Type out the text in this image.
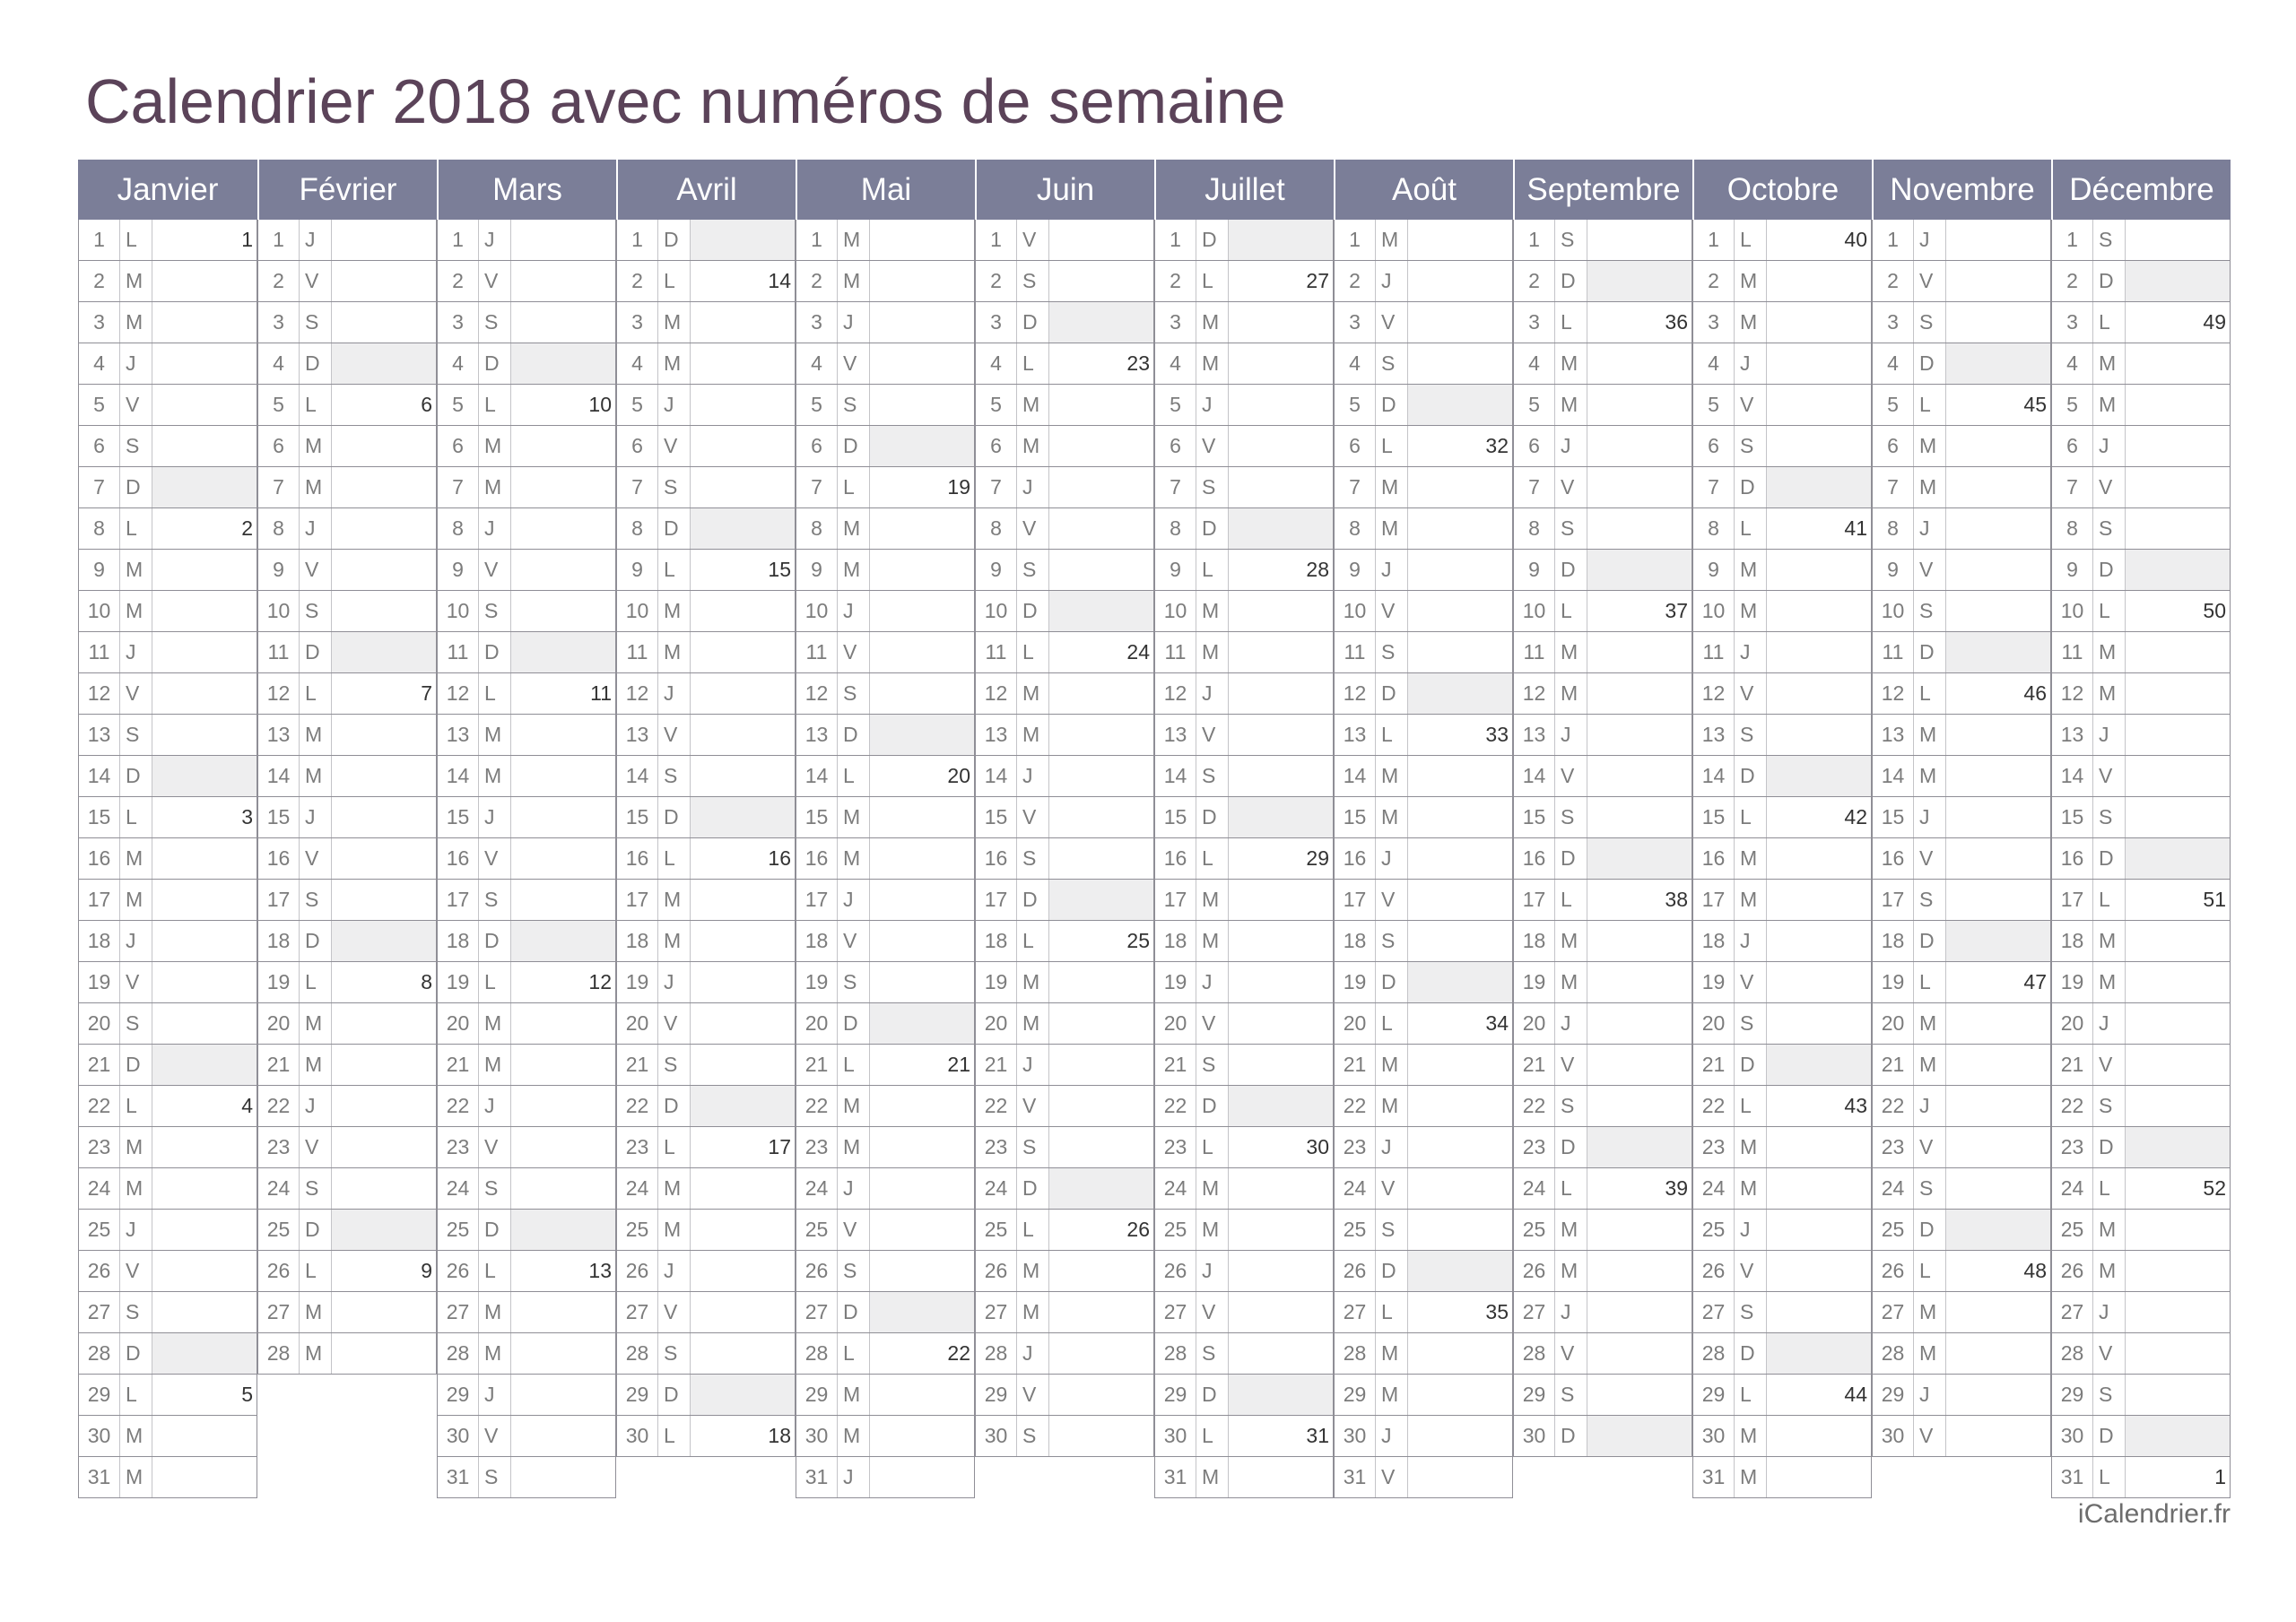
Calendrier 2018 avec numéros de semaine
Janvier
1	L	1
2	M
3	M
4	J
5	V
6	S
7	D
8	L	2
9	M
10 M
11 J
12 V
13 S
14 D
15 L	3
16 M
17 M
18 J
19 V
20 S
21 D
22 L	4
23 M
24 M
25 J
26 V
27 S
28 D
29 L	5
30 M
31 M
Février
1	J
2	V
3	S
4	D
5	L	6
6	M
7	M
8	J
9	V
10 S
11 D
12 L	7
13 M
14 M
15 J
16 V
17 S
18 D
19 L	8
20 M
21 M
22 J
23 V
24 S
25 D
26 L	9
27 M
28 M
Mars
1	J
2	V
3	S
4	D
5	L	10
6	M
7	M
8	J
9	V
10 S
11 D
12 L	11
13 M
14 M
15 J
16 V
17 S
18 D
19 L	12
20 M
21 M
22 J
23 V
24 S
25 D
26 L	13
27 M
28 M
29 J
30 V
31 S
Avril
1	D
2	L	14
3	M
4	M
5	J
6	V
7	S
8	D
9	L	15
10 M
11 M
12 J
13 V
14 S
15 D
16 L	16
17 M
18 M
19 J
20 V
21 S
22 D
23 L	17
24 M
25 M
26 J
27 V
28 S
29 D
30 L	18
Mai
1	M
2	M
3	J
4	V
5	S
6	D
7	L	19
8	M
9	M
10 J
11 V
12 S
13 D
14 L	20
15 M
16 M
17 J
18 V
19 S
20 D
21 L	21
22 M
23 M
24 J
25 V
26 S
27 D
28 L	22
29 M
30 M
31 J
Juin
1	V
2	S
3	D
4	L	23
5	M
6	M
7	J
8	V
9	S
10 D
11 L	24
12 M
13 M
14 J
15 V
16 S
17 D
18 L	25
19 M
20 M
21 J
22 V
23 S
24 D
25 L	26
26 M
27 M
28 J
29 V
30 S
Juillet
1	D
2	L	27
3	M
4	M
5	J
6	V
7	S
8	D
9	L	28
10 M
11 M
12 J
13 V
14 S
15 D
16 L	29
17 M
18 M
19 J
20 V
21 S
22 D
23 L	30
24 M
25 M
26 J
27 V
28 S
29 D
30 L	31
31 M
Août
1	M
2	J
3	V
4	S
5	D
6	L	32
7	M
8	M
9	J
10 V
11 S
12 D
13 L	33
14 M
15 M
16 J
17 V
18 S
19 D
20 L	34
21 M
22 M
23 J
24 V
25 S
26 D
27 L	35
28 M
29 M
30 J
31 V
Septembre
1	S
2	D
3	L	36
4	M
5	M
6	J
7	V
8	S
9	D
10 L	37
11 M
12 M
13 J
14 V
15 S
16 D
17 L	38
18 M
19 M
20 J
21 V
22 S
23 D
24 L	39
25 M
26 M
27 J
28 V
29 S
30 D
Octobre
1	L	40
2	M
3	M
4	J
5	V
6	S
7	D
8	L	41
9	M
10 M
11 J
12 V
13 S
14 D
15 L	42
16 M
17 M
18 J
19 V
20 S
21 D
22 L	43
23 M
24 M
25 J
26 V
27 S
28 D
29 L	44
30 M
31 M
Novembre
1	J
2	V
3	S
4	D
5	L	45
6	M
7	M
8	J
9	V
10 S
11 D
12 L	46
13 M
14 M
15 J
16 V
17 S
18 D
19 L	47
20 M
21 M
22 J
23 V
24 S
25 D
26 L	48
27 M
28 M
29 J
30 V
Décembre
1	S
2	D
3	L	49
4	M
5	M
6	J
7	V
8	S
9	D
10 L	50
11 M
12 M
13 J
14 V
15 S
16 D
17 L	51
18 M
19 M
20 J
21 V
22 S
23 D
24 L	52
25 M
26 M
27 J
28 V
29 S
30 D
31 L	1
iCalendrier.fr
